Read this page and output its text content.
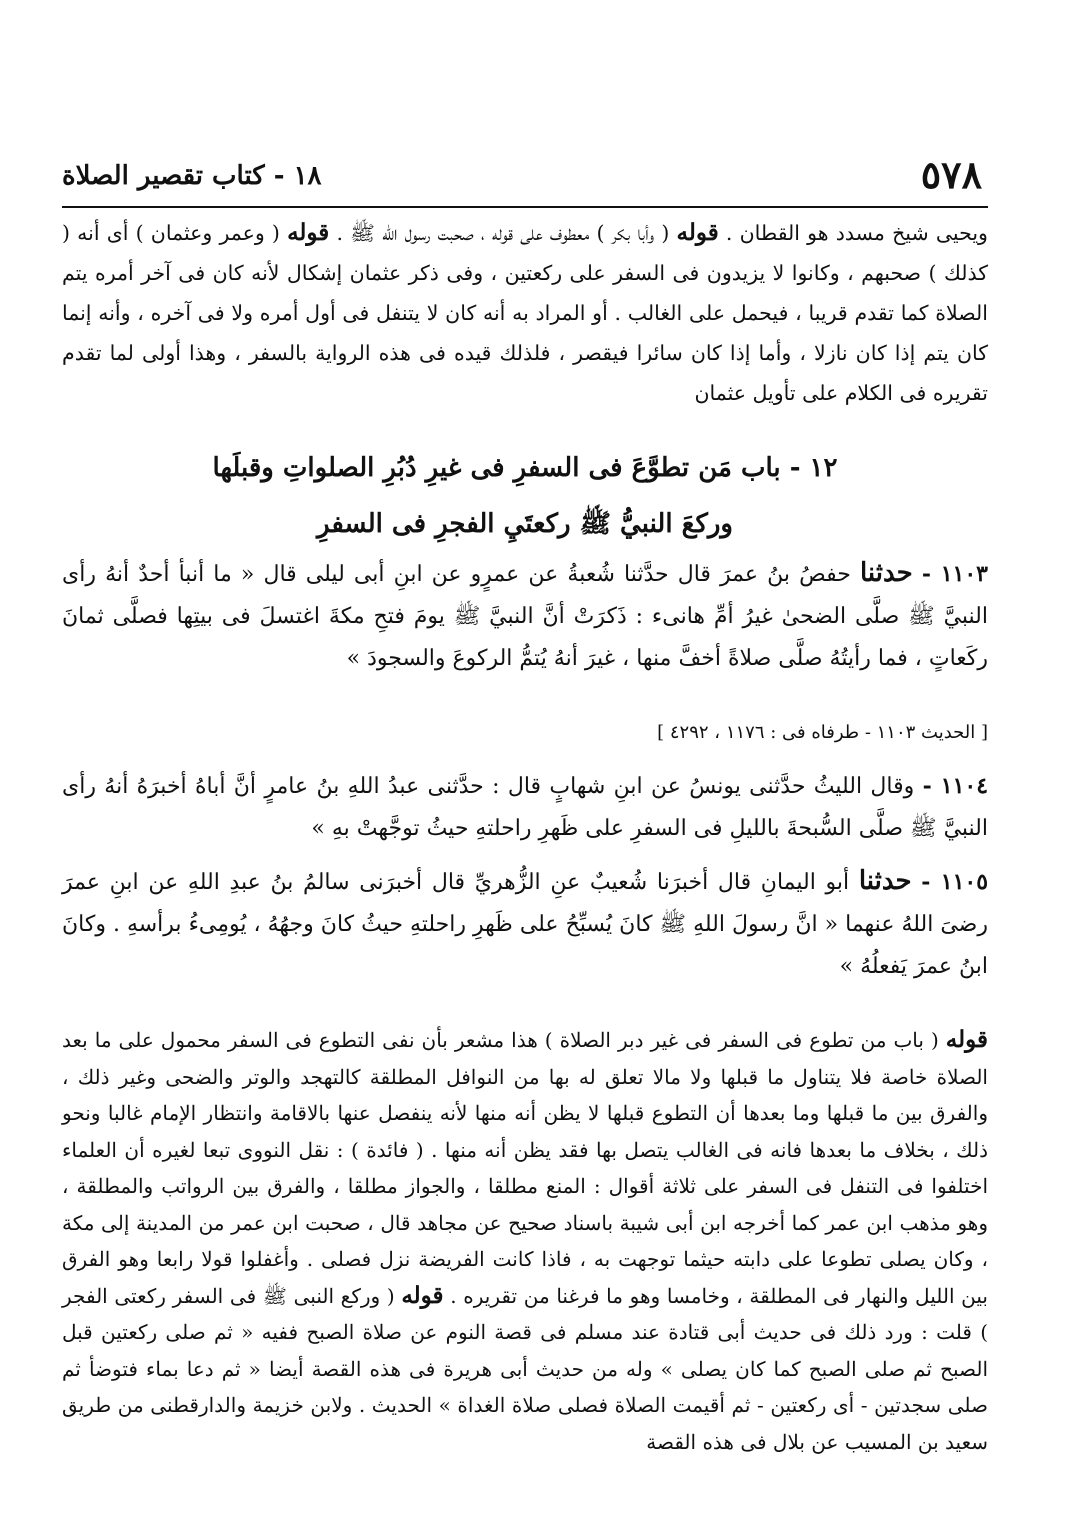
٥٧٨
١٨ - كتاب تقصير الصلاة
ويحيى شيخ مسدد هو القطان . قوله ( وأبا بكر ) معطوف على قوله ، صحبت رسول الله ﷺ . قوله ( وعمر وعثمان ) أى أنه ( كذلك ) صحبهم ، وكانوا لا يزيدون فى السفر على ركعتين ، وفى ذكر عثمان إشكال لأنه كان فى آخر أمره يتم الصلاة كما تقدم قريبا ، فيحمل على الغالب . أو المراد به أنه كان لا يتنفل فى أول أمره ولا فى آخره ، وأنه إنما كان يتم إذا كان نازلا ، وأما إذا كان سائرا فيقصر ، فلذلك قيده فى هذه الرواية بالسفر ، وهذا أولى لما تقدم تقريره فى الكلام على تأويل عثمان
١٢ - باب مَن تطوَّعَ فى السفرِ فى غيرِ دُبُرِ الصلواتِ وقبلَها
وركعَ النبيُّ ﷺ ركعتَيِ الفجرِ فى السفرِ
١١٠٣ - حدثنا حفصُ بنُ عمرَ قال حدَّثنا شُعبةُ عن عمرٍو عن ابنِ أبى ليلى قال « ما أنبأ أحدٌ أنهُ رأى النبيَّ ﷺ صلَّى الضحىٰ غيرُ أمِّ هانىء : ذَكرَتْ أنَّ النبيَّ ﷺ يومَ فتحِ مكةَ اغتسلَ فى بيتِها فصلَّى ثمانَ ركَعاتٍ ، فما رأيتُهُ صلَّى صلاةً أخفَّ منها ، غيرَ أنهُ يُتمُّ الركوعَ والسجودَ »
[ الحديث ١١٠٣ - طرفاه فى : ١١٧٦ ، ٤٢٩٢ ]
١١٠٤ - وقال الليثُ حدَّثنى يونسُ عن ابنِ شهابٍ قال : حدَّثنى عبدُ اللهِ بنُ عامرٍ أنَّ أباهُ أخبرَهُ أنهُ رأى النبيَّ ﷺ صلَّى السُّبحةَ بالليلِ فى السفرِ على ظَهرِ راحلتهِ حيثُ توجَّهتْ بهِ »
١١٠٥ - حدثنا أبو اليمانِ قال أخبرَنا شُعيبٌ عنِ الزُّهريِّ قال أخبرَنى سالمُ بنُ عبدِ اللهِ عن ابنِ عمرَ رضىَ اللهُ عنهما « انَّ رسولَ اللهِ ﷺ كانَ يُسبِّحُ على ظَهرِ راحلتهِ حيثُ كانَ وجهُهُ ، يُومِىءُ برأسهِ . وكانَ ابنُ عمرَ يَفعلُهُ »
قوله ( باب من تطوع فى السفر فى غير دبر الصلاة ) هذا مشعر بأن نفى التطوع فى السفر محمول على ما بعد الصلاة خاصة فلا يتناول ما قبلها ولا مالا تعلق له بها من النوافل المطلقة كالتهجد والوتر والضحى وغير ذلك ، والفرق بين ما قبلها وما بعدها أن التطوع قبلها لا يظن أنه منها لأنه ينفصل عنها بالاقامة وانتظار الإمام غالبا ونحو ذلك ، بخلاف ما بعدها فانه فى الغالب يتصل بها فقد يظن أنه منها . ( فائدة ) : نقل النووى تبعا لغيره أن العلماء اختلفوا فى التنفل فى السفر على ثلاثة أقوال : المنع مطلقا ، والجواز مطلقا ، والفرق بين الرواتب والمطلقة ، وهو مذهب ابن عمر كما أخرجه ابن أبى شيبة باسناد صحيح عن مجاهد قال ، صحبت ابن عمر من المدينة إلى مكة ، وكان يصلى تطوعا على دابته حيثما توجهت به ، فاذا كانت الفريضة نزل فصلى . وأغفلوا قولا رابعا وهو الفرق بين الليل والنهار فى المطلقة ، وخامسا وهو ما فرغنا من تقريره . قوله ( وركع النبى ﷺ فى السفر ركعتى الفجر ) قلت : ورد ذلك فى حديث أبى قتادة عند مسلم فى قصة النوم عن صلاة الصبح ففيه « ثم صلى ركعتين قبل الصبح ثم صلى الصبح كما كان يصلى » وله من حديث أبى هريرة فى هذه القصة أيضا « ثم دعا بماء فتوضأ ثم صلى سجدتين - أى ركعتين - ثم أقيمت الصلاة فصلى صلاة الغداة » الحديث . ولابن خزيمة والدارقطنى من طريق سعيد بن المسيب عن بلال فى هذه القصة
